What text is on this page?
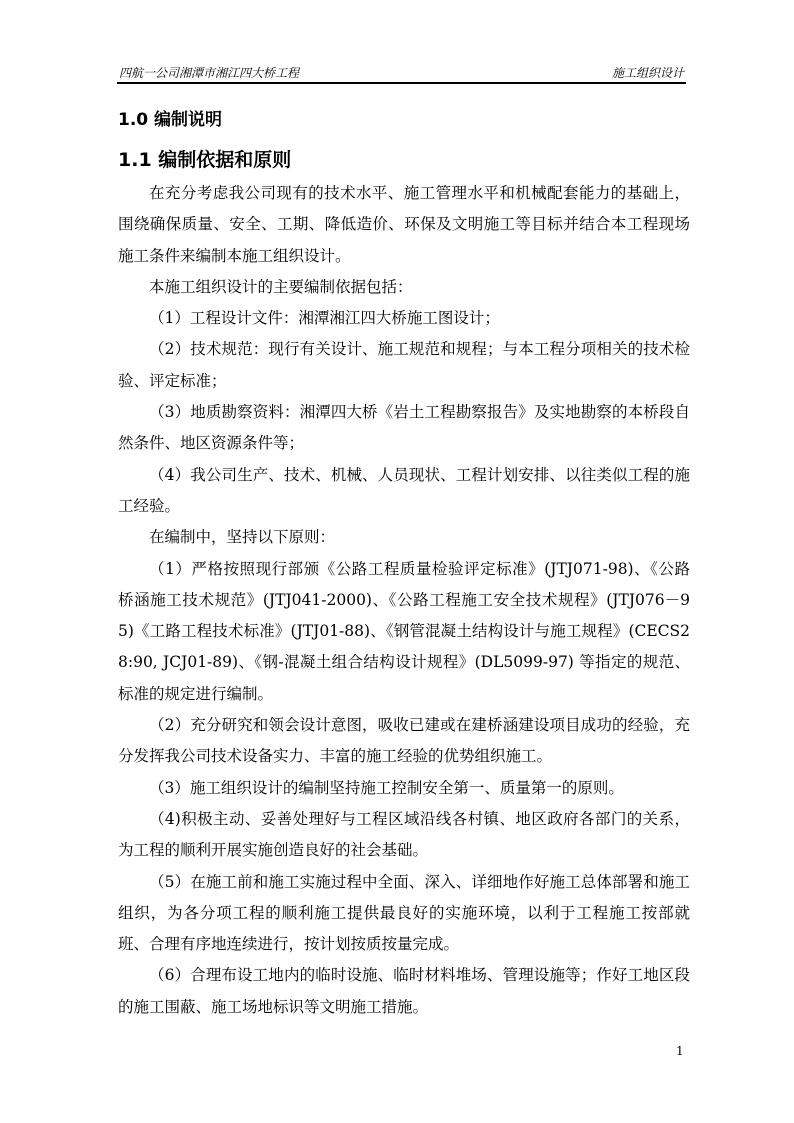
四航一公司湘潭市湘江四大桥工程	施工组织设计
1.0 编制说明
1.1 编制依据和原则

在充分考虑我公司现有的技术水平、施工管理水平和机械配套能力的基础上，围绕确保质量、安全、工期、降低造价、环保及文明施工等目标并结合本工程现场施工条件来编制本施工组织设计。

本施工组织设计的主要编制依据包括：

（1）工程设计文件：湘潭湘江四大桥施工图设计；

（2）技术规范：现行有关设计、施工规范和规程；与本工程分项相关的技术检验、评定标准；

（3）地质勘察资料：湘潭四大桥《岩土工程勘察报告》及实地勘察的本桥段自然条件、地区资源条件等；

（4）我公司生产、技术、机械、人员现状、工程计划安排、以往类似工程的施工经验。

在编制中，坚持以下原则：

（1）严格按照现行部颁《公路工程质量检验评定标准》(JTJ071-98)、《公路桥涵施工技术规范》(JTJ041-2000)、《公路工程施工安全技术规程》(JTJ076－95)《工路工程技术标准》(JTJ01-88)、《钢管混凝土结构设计与施工规程》(CECS28:90, JCJ01-89)、《钢-混凝土组合结构设计规程》(DL5099-97) 等指定的规范、标准的规定进行编制。

（2）充分研究和领会设计意图，吸收已建或在建桥涵建设项目成功的经验，充分发挥我公司技术设备实力、丰富的施工经验的优势组织施工。

（3）施工组织设计的编制坚持施工控制安全第一、质量第一的原则。

（4)积极主动、妥善处理好与工程区域沿线各村镇、地区政府各部门的关系，为工程的顺利开展实施创造良好的社会基础。

（5）在施工前和施工实施过程中全面、深入、详细地作好施工总体部署和施工组织，为各分项工程的顺利施工提供最良好的实施环境，以利于工程施工按部就班、合理有序地连续进行，按计划按质按量完成。

（6）合理布设工地内的临时设施、临时材料堆场、管理设施等；作好工地区段的施工围蔽、施工场地标识等文明施工措施。

1
